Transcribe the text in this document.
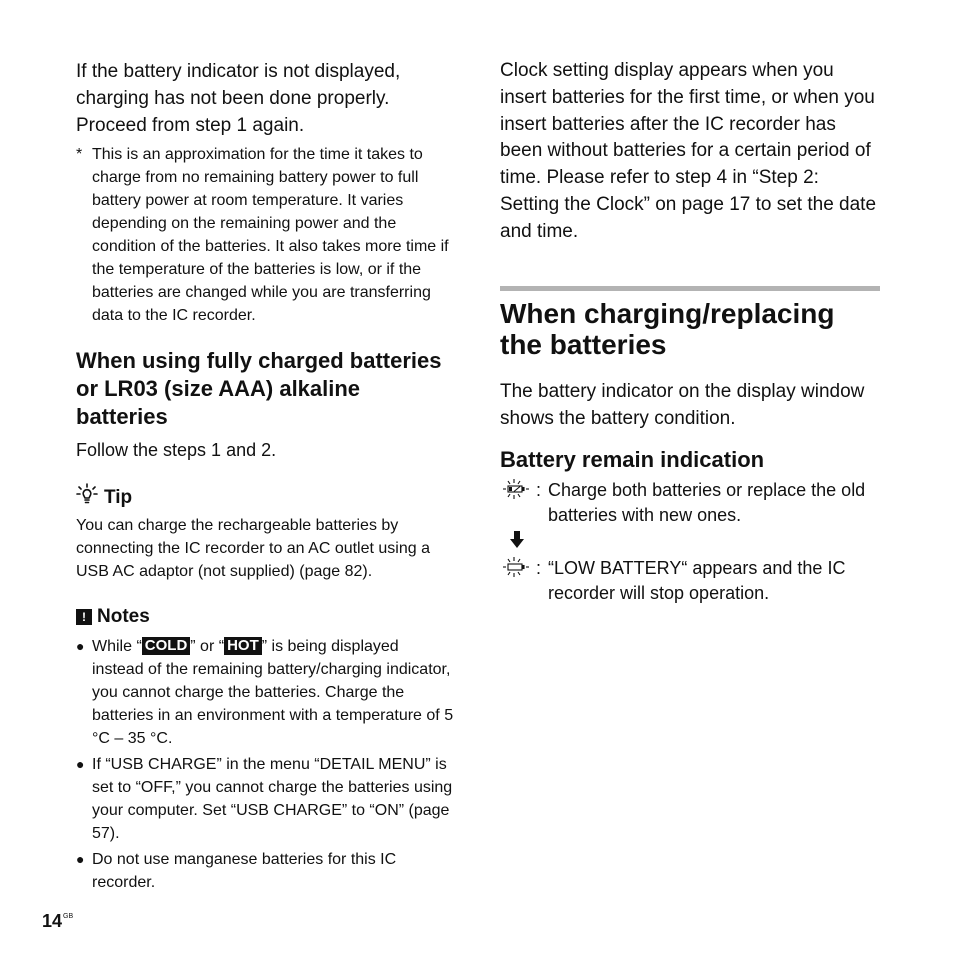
If the battery indicator is not displayed, charging has not been done properly. Proceed from step 1 again.

* This is an approximation for the time it takes to charge from no remaining battery power to full battery power at room temperature. It varies depending on the remaining power and the condition of the batteries. It also takes more time if the temperature of the batteries is low, or if the batteries are changed while you are transferring data to the IC recorder.

When using fully charged batteries or LR03 (size AAA) alkaline batteries

Follow the steps 1 and 2.

Tip

You can charge the rechargeable batteries by connecting the IC recorder to an AC outlet using a USB AC adaptor (not supplied) (page 82).

! Notes
● While “ COLD ” or “ HOT ” is being displayed instead of the remaining battery/charging indicator, you cannot charge the batteries. Charge the batteries in an environment with a temperature of 5 °C – 35 °C.
● If “USB CHARGE” in the menu “DETAIL MENU” is set to “OFF,” you cannot charge the batteries using your computer. Set “USB CHARGE” to “ON” (page 57).
● Do not use manganese batteries for this IC recorder.

Clock setting display appears when you insert batteries for the first time, or when you insert batteries after the IC recorder has been without batteries for a certain period of time. Please refer to step 4 in “Step 2: Setting the Clock” on page 17 to set the date and time.

When charging/replacing the batteries

The battery indicator on the display window shows the battery condition.

Battery remain indication
: Charge both batteries or replace the old batteries with new ones.
: “LOW BATTERY“ appears and the IC recorder will stop operation.
$14^{GB}$
